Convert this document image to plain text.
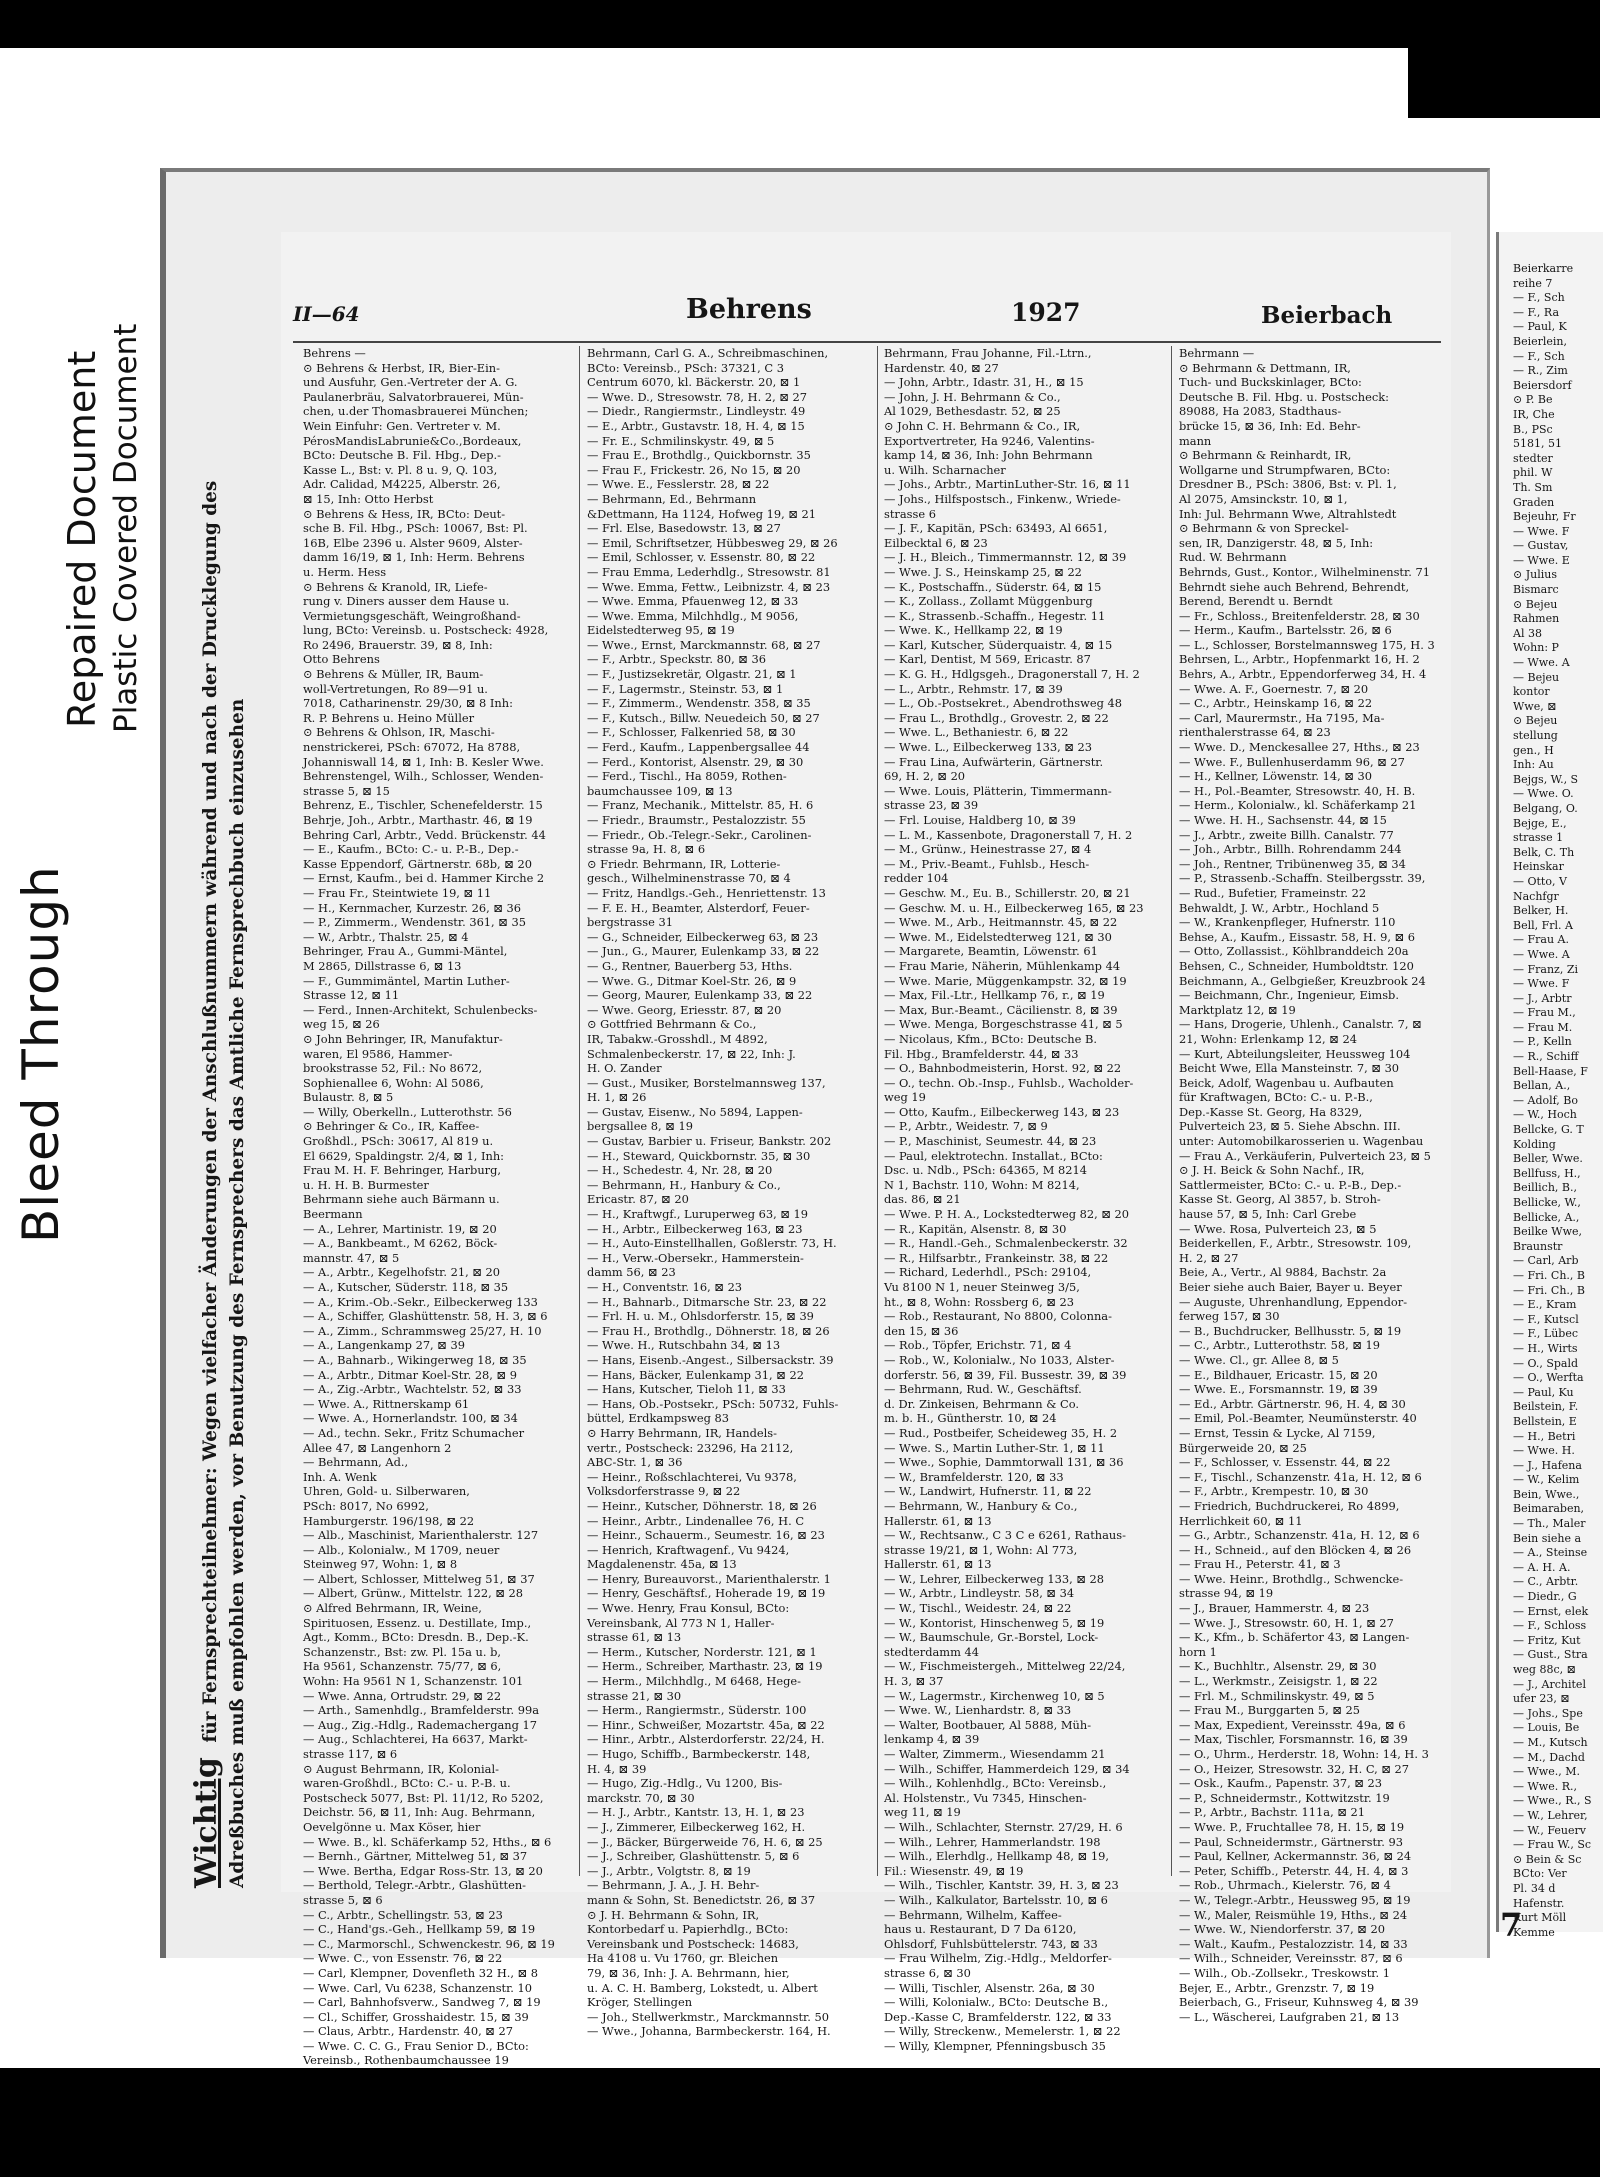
Bleed Through
Repaired Document Plastic Covered Document
Wichtig für Fernsprechteilnehmer: Wegen vielfacher Änderungen der Anschlußnummern während und nach der Drucklegung des Adreßbuches muß empfohlen werden, vor Benutzung des Fernsprechers das Amtliche Fernsprechbuch einzusehen
II—64	Behrens	1927	Beierbach
Behrens —
⊙ Behrens & Herbst, IR, Bier-Ein-
und Ausfuhr, Gen.-Vertreter der A. G.
Paulanerbräu, Salvatorbrauerei, Mün-
chen, u.der Thomasbrauerei München;
Wein Einfuhr: Gen. Vertreter v. M.
PérosMandisLabrunie&Co.,Bordeaux,
BCto: Deutsche B. Fil. Hbg., Dep.-
Kasse L., Bst: v. Pl. 8 u. 9, Q. 103,
Adr. Calidad, M4225, Alberstr. 26,
⊠ 15, Inh: Otto Herbst
⊙ Behrens & Hess, IR, BCto: Deut-
sche B. Fil. Hbg., PSch: 10067, Bst: Pl.
16B, Elbe 2396 u. Alster 9609, Alster-
damm 16/19, ⊠ 1, Inh: Herm. Behrens
u. Herm. Hess
⊙ Behrens & Kranold, IR, Liefe-
rung v. Diners ausser dem Hause u.
Vermietungsgeschäft, Weingroßhand-
lung, BCto: Vereinsb. u. Postscheck: 4928,
Ro 2496, Brauerstr. 39, ⊠ 8, Inh:
Otto Behrens
⊙ Behrens & Müller, IR, Baum-
woll-Vertretungen, Ro 89—91 u.
7018, Catharinenstr. 29/30, ⊠ 8 Inh:
R. P. Behrens u. Heino Müller
⊙ Behrens & Ohlson, IR, Maschi-
nenstrickerei, PSch: 67072, Ha 8788,
Johanniswall 14, ⊠ 1, Inh: B. Kesler Wwe.
Behrenstengel, Wilh., Schlosser, Wenden-
strasse 5, ⊠ 15
Behrenz, E., Tischler, Schenefelderstr. 15
Behrje, Joh., Arbtr., Marthastr. 46, ⊠ 19
Behring Carl, Arbtr., Vedd. Brückenstr. 44
— E., Kaufm., BCto: C.- u. P.-B., Dep.-
Kasse Eppendorf, Gärtnerstr. 68b, ⊠ 20
— Ernst, Kaufm., bei d. Hammer Kirche 2
— Frau Fr., Steintwiete 19, ⊠ 11
— H., Kernmacher, Kurzestr. 26, ⊠ 36
— P., Zimmerm., Wendenstr. 361, ⊠ 35
— W., Arbtr., Thalstr. 25, ⊠ 4
Behringer, Frau A., Gummi-Mäntel,
M 2865, Dillstrasse 6, ⊠ 13
— F., Gummimäntel, Martin Luther-
Strasse 12, ⊠ 11
— Ferd., Innen-Architekt, Schulenbecks-
weg 15, ⊠ 26
⊙ John Behringer, IR, Manufaktur-
waren, El 9586, Hammer-
brookstrasse 52, Fil.: No 8672,
Sophienallee 6, Wohn: Al 5086,
Bulaustr. 8, ⊠ 5
— Willy, Oberkelln., Lutterothstr. 56
⊙ Behringer & Co., IR, Kaffee-
Großhdl., PSch: 30617, Al 819 u.
El 6629, Spaldingstr. 2/4, ⊠ 1, Inh:
Frau M. H. F. Behringer, Harburg,
u. H. H. B. Burmester
Behrmann siehe auch Bärmann u.
Beermann
— A., Lehrer, Martinistr. 19, ⊠ 20
— A., Bankbeamt., M 6262, Böck-
mannstr. 47, ⊠ 5
— A., Arbtr., Kegelhofstr. 21, ⊠ 20
— A., Kutscher, Süderstr. 118, ⊠ 35
— A., Krim.-Ob.-Sekr., Eilbeckerweg 133
— A., Schiffer, Glashüttenstr. 58, H. 3, ⊠ 6
— A., Zimm., Schrammsweg 25/27, H. 10
— A., Langenkamp 27, ⊠ 39
— A., Bahnarb., Wikingerweg 18, ⊠ 35
— A., Arbtr., Ditmar Koel-Str. 28, ⊠ 9
— A., Zig.-Arbtr., Wachtelstr. 52, ⊠ 33
— Wwe. A., Rittnerskamp 61
— Wwe. A., Hornerlandstr. 100, ⊠ 34
— Ad., techn. Sekr., Fritz Schumacher
Allee 47, ⊠ Langenhorn 2
— Behrmann, Ad.,
Inh. A. Wenk
Uhren, Gold- u. Silberwaren,
PSch: 8017, No 6992,
Hamburgerstr. 196/198, ⊠ 22
— Alb., Maschinist, Marienthalerstr. 127
— Alb., Kolonialw., M 1709, neuer
Steinweg 97, Wohn: 1, ⊠ 8
— Albert, Schlosser, Mittelweg 51, ⊠ 37
— Albert, Grünw., Mittelstr. 122, ⊠ 28
⊙ Alfred Behrmann, IR, Weine,
Spirituosen, Essenz. u. Destillate, Imp.,
Agt., Komm., BCto: Dresdn. B., Dep.-K.
Schanzenstr., Bst: zw. Pl. 15a u. b,
Ha 9561, Schanzenstr. 75/77, ⊠ 6,
Wohn: Ha 9561 N 1, Schanzenstr. 101
— Wwe. Anna, Ortrudstr. 29, ⊠ 22
— Arth., Samenhdlg., Bramfelderstr. 99a
— Aug., Zig.-Hdlg., Rademachergang 17
— Aug., Schlachterei, Ha 6637, Markt-
strasse 117, ⊠ 6
⊙ August Behrmann, IR, Kolonial-
waren-Großhdl., BCto: C.- u. P.-B. u.
Postscheck 5077, Bst: Pl. 11/12, Ro 5202,
Deichstr. 56, ⊠ 11, Inh: Aug. Behrmann,
Oevelgönne u. Max Köser, hier
— Wwe. B., kl. Schäferkamp 52, Hths., ⊠ 6
— Bernh., Gärtner, Mittelweg 51, ⊠ 37
— Wwe. Bertha, Edgar Ross-Str. 13, ⊠ 20
— Berthold, Telegr.-Arbtr., Glashütten-
strasse 5, ⊠ 6
— C., Arbtr., Schellingstr. 53, ⊠ 23
— C., Hand'gs.-Geh., Hellkamp 59, ⊠ 19
— C., Marmorschl., Schwenckestr. 96, ⊠ 19
— Wwe. C., von Essenstr. 76, ⊠ 22
— Carl, Klempner, Dovenfleth 32 H., ⊠ 8
— Wwe. Carl, Vu 6238, Schanzenstr. 10
— Carl, Bahnhofsverw., Sandweg 7, ⊠ 19
— Cl., Schiffer, Grosshaidestr. 15, ⊠ 39
— Claus, Arbtr., Hardenstr. 40, ⊠ 27
— Wwe. C. C. G., Frau Senior D., BCto:
Vereinsb., Rothenbaumchaussee 19
Behrmann, Carl G. A., Schreibmaschinen,
BCto: Vereinsb., PSch: 37321, C 3
Centrum 6070, kl. Bäckerstr. 20, ⊠ 1
— Wwe. D., Stresowstr. 78, H. 2, ⊠ 27
— Diedr., Rangiermstr., Lindleystr. 49
— E., Arbtr., Gustavstr. 18, H. 4, ⊠ 15
— Fr. E., Schmilinskystr. 49, ⊠ 5
— Frau E., Brothdlg., Quickbornstr. 35
— Frau F., Frickestr. 26, No 15, ⊠ 20
— Wwe. E., Fesslerstr. 28, ⊠ 22
— Behrmann, Ed., Behrmann
&Dettmann, Ha 1124, Hofweg 19, ⊠ 21
— Frl. Else, Basedowstr. 13, ⊠ 27
— Emil, Schriftsetzer, Hübbesweg 29, ⊠ 26
— Emil, Schlosser, v. Essenstr. 80, ⊠ 22
— Frau Emma, Lederhdlg., Stresowstr. 81
— Wwe. Emma, Fettw., Leibnizstr. 4, ⊠ 23
— Wwe. Emma, Pfauenweg 12, ⊠ 33
— Wwe. Emma, Milchhdlg., M 9056,
Eidelstedterweg 95, ⊠ 19
— Wwe., Ernst, Marckmannstr. 68, ⊠ 27
— F., Arbtr., Speckstr. 80, ⊠ 36
— F., Justizsekretär, Olgastr. 21, ⊠ 1
— F., Lagermstr., Steinstr. 53, ⊠ 1
— F., Zimmerm., Wendenstr. 358, ⊠ 35
— F., Kutsch., Billw. Neuedeich 50, ⊠ 27
— F., Schlosser, Falkenried 58, ⊠ 30
— Ferd., Kaufm., Lappenbergsallee 44
— Ferd., Kontorist, Alsenstr. 29, ⊠ 30
— Ferd., Tischl., Ha 8059, Rothen-
baumchaussee 109, ⊠ 13
— Franz, Mechanik., Mittelstr. 85, H. 6
— Friedr., Braumstr., Pestalozzistr. 55
— Friedr., Ob.-Telegr.-Sekr., Carolinen-
strasse 9a, H. 8, ⊠ 6
⊙ Friedr. Behrmann, IR, Lotterie-
gesch., Wilhelminenstrasse 70, ⊠ 4
— Fritz, Handlgs.-Geh., Henriettenstr. 13
— F. E. H., Beamter, Alsterdorf, Feuer-
bergstrasse 31
— G., Schneider, Eilbeckerweg 63, ⊠ 23
— Jun., G., Maurer, Eulenkamp 33, ⊠ 22
— G., Rentner, Bauerberg 53, Hths.
— Wwe. G., Ditmar Koel-Str. 26, ⊠ 9
— Georg, Maurer, Eulenkamp 33, ⊠ 22
— Wwe. Georg, Eriesstr. 87, ⊠ 20
⊙ Gottfried Behrmann & Co.,
IR, Tabakw.-Grosshdl., M 4892,
Schmalenbeckerstr. 17, ⊠ 22, Inh: J.
H. O. Zander
— Gust., Musiker, Borstelmannsweg 137,
H. 1, ⊠ 26
— Gustav, Eisenw., No 5894, Lappen-
bergsallee 8, ⊠ 19
— Gustav, Barbier u. Friseur, Bankstr. 202
— H., Steward, Quickbornstr. 35, ⊠ 30
— H., Schedestr. 4, Nr. 28, ⊠ 20
— Behrmann, H., Hanbury & Co.,
Ericastr. 87, ⊠ 20
— H., Kraftwgf., Luruperweg 63, ⊠ 19
— H., Arbtr., Eilbeckerweg 163, ⊠ 23
— H., Auto-Einstellhallen, Goßlerstr. 73, H.
— H., Verw.-Obersekr., Hammerstein-
damm 56, ⊠ 23
— H., Conventstr. 16, ⊠ 23
— H., Bahnarb., Ditmarsche Str. 23, ⊠ 22
— Frl. H. u. M., Ohlsdorferstr. 15, ⊠ 39
— Frau H., Brothdlg., Döhnerstr. 18, ⊠ 26
— Wwe. H., Rutschbahn 34, ⊠ 13
— Hans, Eisenb.-Angest., Silbersackstr. 39
— Hans, Bäcker, Eulenkamp 31, ⊠ 22
— Hans, Kutscher, Tieloh 11, ⊠ 33
— Hans, Ob.-Postsekr., PSch: 50732, Fuhls-
büttel, Erdkampsweg 83
⊙ Harry Behrmann, IR, Handels-
vertr., Postscheck: 23296, Ha 2112,
ABC-Str. 1, ⊠ 36
— Heinr., Roßschlachterei, Vu 9378,
Volksdorferstrasse 9, ⊠ 22
— Heinr., Kutscher, Döhnerstr. 18, ⊠ 26
— Heinr., Arbtr., Lindenallee 76, H. C
— Heinr., Schauerm., Seumestr. 16, ⊠ 23
— Henrich, Kraftwagenf., Vu 9424,
Magdalenenstr. 45a, ⊠ 13
— Henry, Bureauvorst., Marienthalerstr. 1
— Henry, Geschäftsf., Hoherade 19, ⊠ 19
— Wwe. Henry, Frau Konsul, BCto:
Vereinsbank, Al 773 N 1, Haller-
strasse 61, ⊠ 13
— Herm., Kutscher, Norderstr. 121, ⊠ 1
— Herm., Schreiber, Marthastr. 23, ⊠ 19
— Herm., Milchhdlg., M 6468, Hege-
strasse 21, ⊠ 30
— Herm., Rangiermstr., Süderstr. 100
— Hinr., Schweißer, Mozartstr. 45a, ⊠ 22
— Hinr., Arbtr., Alsterdorferstr. 22/24, H.
— Hugo, Schiffb., Barmbeckerstr. 148,
H. 4, ⊠ 39
— Hugo, Zig.-Hdlg., Vu 1200, Bis-
marckstr. 70, ⊠ 30
— H. J., Arbtr., Kantstr. 13, H. 1, ⊠ 23
— J., Zimmerer, Eilbeckerweg 162, H.
— J., Bäcker, Bürgerweide 76, H. 6, ⊠ 25
— J., Schreiber, Glashüttenstr. 5, ⊠ 6
— J., Arbtr., Volgtstr. 8, ⊠ 19
— Behrmann, J. A., J. H. Behr-
mann & Sohn, St. Benedictstr. 26, ⊠ 37
⊙ J. H. Behrmann & Sohn, IR,
Kontorbedarf u. Papierhdlg., BCto:
Vereinsbank und Postscheck: 14683,
Ha 4108 u. Vu 1760, gr. Bleichen
79, ⊠ 36, Inh: J. A. Behrmann, hier,
u. A. C. H. Bamberg, Lokstedt, u. Albert
Kröger, Stellingen
— Joh., Stellwerkmstr., Marckmannstr. 50
— Wwe., Johanna, Barmbeckerstr. 164, H.
Behrmann, Frau Johanne, Fil.-Ltrn.,
Hardenstr. 40, ⊠ 27
— John, Arbtr., Idastr. 31, H., ⊠ 15
— John, J. H. Behrmann & Co.,
Al 1029, Bethesdastr. 52, ⊠ 25
⊙ John C. H. Behrmann & Co., IR,
Exportvertreter, Ha 9246, Valentins-
kamp 14, ⊠ 36, Inh: John Behrmann
u. Wilh. Scharnacher
— Johs., Arbtr., MartinLuther-Str. 16, ⊠ 11
— Johs., Hilfspostsch., Finkenw., Wriede-
strasse 6
— J. F., Kapitän, PSch: 63493, Al 6651,
Eilbecktal 6, ⊠ 23
— J. H., Bleich., Timmermannstr. 12, ⊠ 39
— Wwe. J. S., Heinskamp 25, ⊠ 22
— K., Postschaffn., Süderstr. 64, ⊠ 15
— K., Zollass., Zollamt Müggenburg
— K., Strassenb.-Schaffn., Hegestr. 11
— Wwe. K., Hellkamp 22, ⊠ 19
— Karl, Kutscher, Süderquaistr. 4, ⊠ 15
— Karl, Dentist, M 569, Ericastr. 87
— K. G. H., Hdlgsgeh., Dragonerstall 7, H. 2
— L., Arbtr., Rehmstr. 17, ⊠ 39
— L., Ob.-Postsekret., Abendrothsweg 48
— Frau L., Brothdlg., Grovestr. 2, ⊠ 22
— Wwe. L., Bethaniestr. 6, ⊠ 22
— Wwe. L., Eilbeckerweg 133, ⊠ 23
— Frau Lina, Aufwärterin, Gärtnerstr.
69, H. 2, ⊠ 20
— Wwe. Louis, Plätterin, Timmermann-
strasse 23, ⊠ 39
— Frl. Louise, Haldberg 10, ⊠ 39
— L. M., Kassenbote, Dragonerstall 7, H. 2
— M., Grünw., Heinestrasse 27, ⊠ 4
— M., Priv.-Beamt., Fuhlsb., Hesch-
redder 104
— Geschw. M., Eu. B., Schillerstr. 20, ⊠ 21
— Geschw. M. u. H., Eilbeckerweg 165, ⊠ 23
— Wwe. M., Arb., Heitmannstr. 45, ⊠ 22
— Wwe. M., Eidelstedterweg 121, ⊠ 30
— Margarete, Beamtin, Löwenstr. 61
— Frau Marie, Näherin, Mühlenkamp 44
— Wwe. Marie, Müggenkampstr. 32, ⊠ 19
— Max, Fil.-Ltr., Hellkamp 76, r., ⊠ 19
— Max, Bur.-Beamt., Cäcilienstr. 8, ⊠ 39
— Wwe. Menga, Borgeschstrasse 41, ⊠ 5
— Nicolaus, Kfm., BCto: Deutsche B.
Fil. Hbg., Bramfelderstr. 44, ⊠ 33
— O., Bahnbodmeisterin, Horst. 92, ⊠ 22
— O., techn. Ob.-Insp., Fuhlsb., Wacholder-
weg 19
— Otto, Kaufm., Eilbeckerweg 143, ⊠ 23
— P., Arbtr., Weidestr. 7, ⊠ 9
— P., Maschinist, Seumestr. 44, ⊠ 23
— Paul, elektrotechn. Installat., BCto:
Dsc. u. Ndb., PSch: 64365, M 8214
N 1, Bachstr. 110, Wohn: M 8214,
das. 86, ⊠ 21
— Wwe. P. H. A., Lockstedterweg 82, ⊠ 20
— R., Kapitän, Alsenstr. 8, ⊠ 30
— R., Handl.-Geh., Schmalenbeckerstr. 32
— R., Hilfsarbtr., Frankeinstr. 38, ⊠ 22
— Richard, Lederhdl., PSch: 29104,
Vu 8100 N 1, neuer Steinweg 3/5,
ht., ⊠ 8, Wohn: Rossberg 6, ⊠ 23
— Rob., Restaurant, No 8800, Colonna-
den 15, ⊠ 36
— Rob., Töpfer, Erichstr. 71, ⊠ 4
— Rob., W., Kolonialw., No 1033, Alster-
dorferstr. 56, ⊠ 39, Fil. Bussestr. 39, ⊠ 39
— Behrmann, Rud. W., Geschäftsf.
d. Dr. Zinkeisen, Behrmann & Co.
m. b. H., Güntherstr. 10, ⊠ 24
— Rud., Postbeifer, Scheideweg 35, H. 2
— Wwe. S., Martin Luther-Str. 1, ⊠ 11
— Wwe., Sophie, Dammtorwall 131, ⊠ 36
— W., Bramfelderstr. 120, ⊠ 33
— W., Landwirt, Hufnerstr. 11, ⊠ 22
— Behrmann, W., Hanbury & Co.,
Hallerstr. 61, ⊠ 13
— W., Rechtsanw., C 3 C e 6261, Rathaus-
strasse 19/21, ⊠ 1, Wohn: Al 773,
Hallerstr. 61, ⊠ 13
— W., Lehrer, Eilbeckerweg 133, ⊠ 28
— W., Arbtr., Lindleystr. 58, ⊠ 34
— W., Tischl., Weidestr. 24, ⊠ 22
— W., Kontorist, Hinschenweg 5, ⊠ 19
— W., Baumschule, Gr.-Borstel, Lock-
stedterdamm 44
— W., Fischmeistergeh., Mittelweg 22/24,
H. 3, ⊠ 37
— W., Lagermstr., Kirchenweg 10, ⊠ 5
— Wwe. W., Lienhardstr. 8, ⊠ 33
— Walter, Bootbauer, Al 5888, Müh-
lenkamp 4, ⊠ 39
— Walter, Zimmerm., Wiesendamm 21
— Wilh., Schiffer, Hammerdeich 129, ⊠ 34
— Wilh., Kohlenhdlg., BCto: Vereinsb.,
Al. Holstenstr., Vu 7345, Hinschen-
weg 11, ⊠ 19
— Wilh., Schlachter, Sternstr. 27/29, H. 6
— Wilh., Lehrer, Hammerlandstr. 198
— Wilh., Elerhdlg., Hellkamp 48, ⊠ 19,
Fil.: Wiesenstr. 49, ⊠ 19
— Wilh., Tischler, Kantstr. 39, H. 3, ⊠ 23
— Wilh., Kalkulator, Bartelsstr. 10, ⊠ 6
— Behrmann, Wilhelm, Kaffee-
haus u. Restaurant, D 7 Da 6120,
Ohlsdorf, Fuhlsbüttelerstr. 743, ⊠ 33
— Frau Wilhelm, Zig.-Hdlg., Meldorfer-
strasse 6, ⊠ 30
— Willi, Tischler, Alsenstr. 26a, ⊠ 30
— Willi, Kolonialw., BCto: Deutsche B.,
Dep.-Kasse C, Bramfelderstr. 122, ⊠ 33
— Willy, Streckenw., Memelerstr. 1, ⊠ 22
— Willy, Klempner, Pfenningsbusch 35
Behrmann —
⊙ Behrmann & Dettmann, IR,
Tuch- und Buckskinlager, BCto:
Deutsche B. Fil. Hbg. u. Postscheck:
89088, Ha 2083, Stadthaus-
brücke 15, ⊠ 36, Inh: Ed. Behr-
mann
⊙ Behrmann & Reinhardt, IR,
Wollgarne und Strumpfwaren, BCto:
Dresdner B., PSch: 3806, Bst: v. Pl. 1,
Al 2075, Amsinckstr. 10, ⊠ 1,
Inh: Jul. Behrmann Wwe, Altrahlstedt
⊙ Behrmann & von Spreckel-
sen, IR, Danzigerstr. 48, ⊠ 5, Inh:
Rud. W. Behrmann
Behrnds, Gust., Kontor., Wilhelminenstr. 71
Behrndt siehe auch Behrend, Behrendt,
Berend, Berendt u. Berndt
— Fr., Schloss., Breitenfelderstr. 28, ⊠ 30
— Herm., Kaufm., Bartelsstr. 26, ⊠ 6
— L., Schlosser, Borstelmannsweg 175, H. 3
Behrsen, L., Arbtr., Hopfenmarkt 16, H. 2
Behrs, A., Arbtr., Eppendorferweg 34, H. 4
— Wwe. A. F., Goernestr. 7, ⊠ 20
— C., Arbtr., Heinskamp 16, ⊠ 22
— Carl, Maurermstr., Ha 7195, Ma-
rienthalerstrasse 64, ⊠ 23
— Wwe. D., Menckesallee 27, Hths., ⊠ 23
— Wwe. F., Bullenhuserdamm 96, ⊠ 27
— H., Kellner, Löwenstr. 14, ⊠ 30
— H., Pol.-Beamter, Stresowstr. 40, H. B.
— Herm., Kolonialw., kl. Schäferkamp 21
— Wwe. H. H., Sachsenstr. 44, ⊠ 15
— J., Arbtr., zweite Billh. Canalstr. 77
— Joh., Arbtr., Billh. Rohrendamm 244
— Joh., Rentner, Tribünenweg 35, ⊠ 34
— P., Strassenb.-Schaffn. Steilbergsstr. 39,
— Rud., Bufetier, Frameinstr. 22
Behwaldt, J. W., Arbtr., Hochland 5
— W., Krankenpfleger, Hufnerstr. 110
Behse, A., Kaufm., Eissastr. 58, H. 9, ⊠ 6
— Otto, Zollassist., Köhlbranddeich 20a
Behsen, C., Schneider, Humboldtstr. 120
Beichmann, A., Gelbgießer, Kreuzbrook 24
— Beichmann, Chr., Ingenieur, Eimsb.
Marktplatz 12, ⊠ 19
— Hans, Drogerie, Uhlenh., Canalstr. 7, ⊠
21, Wohn: Erlenkamp 12, ⊠ 24
— Kurt, Abteilungsleiter, Heussweg 104
Beicht Wwe, Ella Mansteinstr. 7, ⊠ 30
Beick, Adolf, Wagenbau u. Aufbauten
für Kraftwagen, BCto: C.- u. P.-B.,
Dep.-Kasse St. Georg, Ha 8329,
Pulverteich 23, ⊠ 5. Siehe Abschn. III.
unter: Automobilkarosserien u. Wagenbau
— Frau A., Verkäuferin, Pulverteich 23, ⊠ 5
⊙ J. H. Beick & Sohn Nachf., IR,
Sattlermeister, BCto: C.- u. P.-B., Dep.-
Kasse St. Georg, Al 3857, b. Stroh-
hause 57, ⊠ 5, Inh: Carl Grebe
— Wwe. Rosa, Pulverteich 23, ⊠ 5
Beiderkellen, F., Arbtr., Stresowstr. 109,
H. 2, ⊠ 27
Beie, A., Vertr., Al 9884, Bachstr. 2a
Beier siehe auch Baier, Bayer u. Beyer
— Auguste, Uhrenhandlung, Eppendor-
ferweg 157, ⊠ 30
— B., Buchdrucker, Bellhusstr. 5, ⊠ 19
— C., Arbtr., Lutterothstr. 58, ⊠ 19
— Wwe. Cl., gr. Allee 8, ⊠ 5
— E., Bildhauer, Ericastr. 15, ⊠ 20
— Wwe. E., Forsmannstr. 19, ⊠ 39
— Ed., Arbtr. Gärtnerstr. 96, H. 4, ⊠ 30
— Emil, Pol.-Beamter, Neumünsterstr. 40
— Ernst, Tessin & Lyckе, Al 7159,
Bürgerweide 20, ⊠ 25
— F., Schlosser, v. Essenstr. 44, ⊠ 22
— F., Tischl., Schanzenstr. 41a, H. 12, ⊠ 6
— F., Arbtr., Krempestr. 10, ⊠ 30
— Friedrich, Buchdruckerei, Ro 4899,
Herrlichkeit 60, ⊠ 11
— G., Arbtr., Schanzenstr. 41a, H. 12, ⊠ 6
— H., Schneid., auf den Blöcken 4, ⊠ 26
— Frau H., Peterstr. 41, ⊠ 3
— Wwe. Heinr., Brothdlg., Schwencke-
strasse 94, ⊠ 19
— J., Brauer, Hammerstr. 4, ⊠ 23
— Wwe. J., Stresowstr. 60, H. 1, ⊠ 27
— K., Kfm., b. Schäfertor 43, ⊠ Langen-
horn 1
— K., Buchhltr., Alsenstr. 29, ⊠ 30
— L., Werkmstr., Zeisigstr. 1, ⊠ 22
— Frl. M., Schmilinskystr. 49, ⊠ 5
— Frau M., Burggarten 5, ⊠ 25
— Max, Expedient, Vereinsstr. 49a, ⊠ 6
— Max, Tischler, Forsmannstr. 16, ⊠ 39
— O., Uhrm., Herderstr. 18, Wohn: 14, H. 3
— O., Heizer, Stresowstr. 32, H. C, ⊠ 27
— Osk., Kaufm., Papenstr. 37, ⊠ 23
— P., Schneidermstr., Kottwitzstr. 19
— P., Arbtr., Bachstr. 111a, ⊠ 21
— Wwe. P., Fruchtallee 78, H. 15, ⊠ 19
— Paul, Schneidermstr., Gärtnerstr. 93
— Paul, Kellner, Ackermannstr. 36, ⊠ 24
— Peter, Schiffb., Peterstr. 44, H. 4, ⊠ 3
— Rob., Uhrmach., Kielerstr. 76, ⊠ 4
— W., Telegr.-Arbtr., Heussweg 95, ⊠ 19
— W., Maler, Reismühle 19, Hths., ⊠ 24
— Wwe. W., Niendorferstr. 37, ⊠ 20
— Walt., Kaufm., Pestalozzistr. 14, ⊠ 33
— Wilh., Schneider, Vereinsstr. 87, ⊠ 6
— Wilh., Ob.-Zollsekr., Treskowstr. 1
Bejer, E., Arbtr., Grenzstr. 7, ⊠ 19
Beierbach, G., Friseur, Kuhnsweg 4, ⊠ 39
— L., Wäscherei, Laufgraben 21, ⊠ 13
Beierkarre
reihe 7
— F., Sch
— F., Ra
— Paul, K
Beierlein,
— F., Sch
— R., Zim
Beiersdorf
⊙ P. Be
IR, Che
B., PSc
5181, 51
stedter
phil. W
Th. Sm
Graden
Bejeuhr, Fr
— Wwe. F
— Gustav,
— Wwe. E
⊙ Julius
Bismarc
⊙ Bejeu
Rahmen
Al 38
Wohn: P
— Wwe. A
— Bejeu
kontor
Wwe, ⊠
⊙ Bejeu
stellung
gen., H
Inh: Au
Bejgs, W., S
— Wwe. O.
Belgang, O.
Bejge, E.,
strasse 1
Belk, C. Th
Heinskar
— Otto, V
Nachfgr
Belker, H.
Bell, Frl. A
— Frau A.
— Wwe. A
— Franz, Zi
— Wwe. F
— J., Arbtr
— Frau M.,
— Frau M.
— P., Kelln
— R., Schiff
Bell-Haase, F
Bellan, A.,
— Adolf, Bo
— W., Hoch
Bellcke, G. T
Kolding
Beller, Wwe.
Bellfuss, H.,
Beillich, B.,
Bellicke, W.,
Bellicke, A.,
Beilke Wwe,
Braunstr
— Carl, Arb
— Fri. Ch., B
— Fri. Ch., B
— E., Kram
— F., Kutscl
— F., Lübec
— H., Wirts
— O., Spald
— O., Werfta
— Paul, Ku
Beilstein, F.
Bellstein, E
— H., Betri
— Wwe. H.
— J., Hafena
— W., Kelim
Bein, Wwe.,
Beimaraben,
— Th., Maler
Bein siehe a
— A., Steinse
— A. H. A.
— C., Arbtr.
— Diedr., G
— Ernst, elek
— F., Schloss
— Fritz, Kut
— Gust., Stra
weg 88c, ⊠
— J., Architel
ufer 23, ⊠
— Johs., Spe
— Louis, Be
— M., Kutsch
— M., Dachd
— Wwe., M.
— Wwe. R.,
— Wwe., R., S
— W., Lehrer,
— W., Feuerv
— Frau W., Sc
⊙ Bein & Sc
BCto: Ver
Pl. 34 d
Hafenstr.
Kurt Möll
Kemme
7
